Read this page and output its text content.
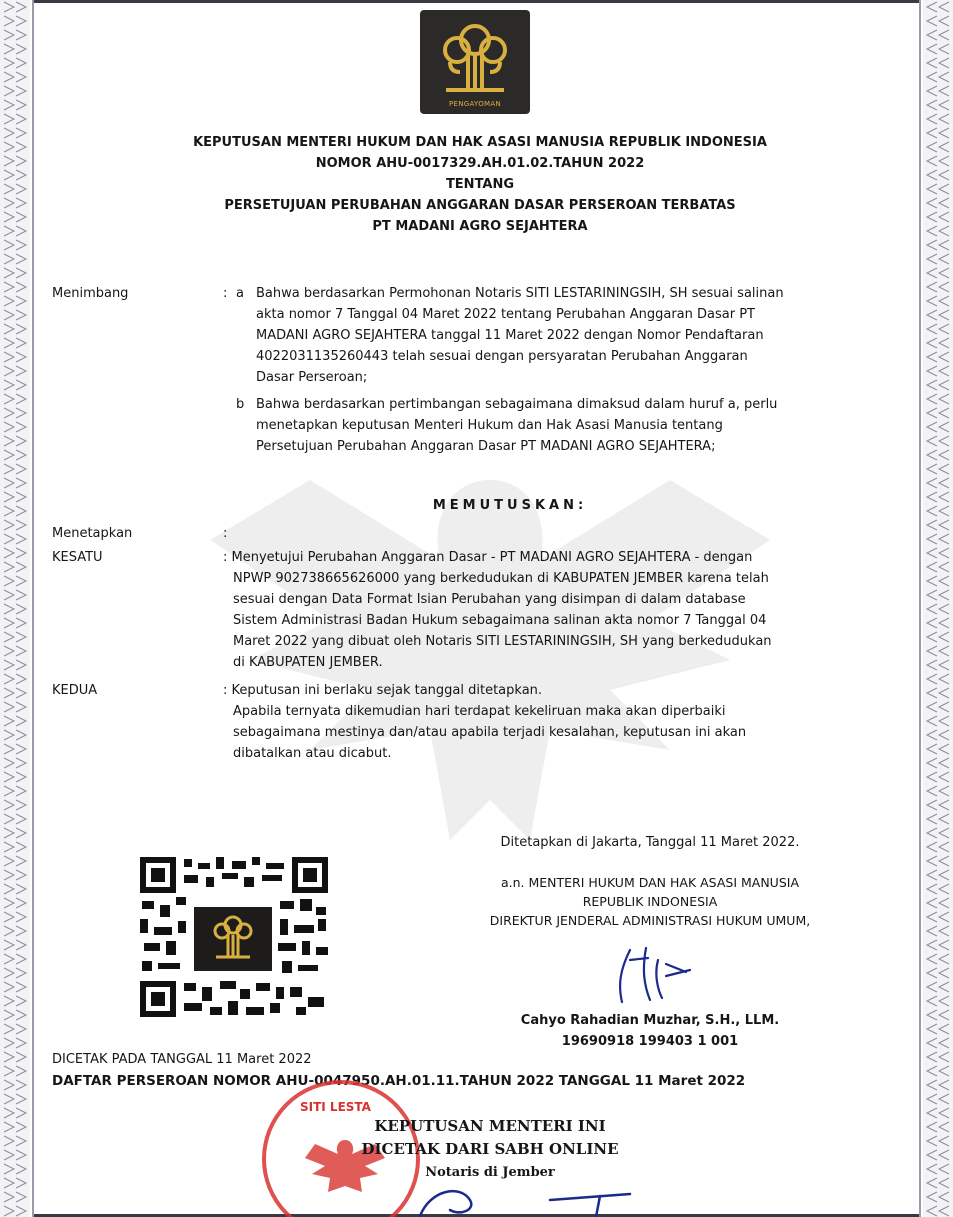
PENGAYOMAN
KEPUTUSAN MENTERI HUKUM DAN HAK ASASI MANUSIA REPUBLIK INDONESIA
NOMOR AHU-0017329.AH.01.02.TAHUN 2022
TENTANG
PERSETUJUAN PERUBAHAN ANGGARAN DASAR PERSEROAN TERBATAS
PT MADANI AGRO SEJAHTERA
Menimbang	: a Bahwa berdasarkan Permohonan Notaris SITI LESTARININGSIH, SH sesuai salinan
akta nomor 7 Tanggal 04 Maret 2022 tentang Perubahan Anggaran Dasar PT
MADANI AGRO SEJAHTERA tanggal 11 Maret 2022 dengan Nomor Pendaftaran
4022031135260443 telah sesuai dengan persyaratan Perubahan Anggaran
Dasar Perseroan;
b Bahwa berdasarkan pertimbangan sebagaimana dimaksud dalam huruf a, perlu
menetapkan keputusan Menteri Hukum dan Hak Asasi Manusia tentang
Persetujuan Perubahan Anggaran Dasar PT MADANI AGRO SEJAHTERA;
MEMUTUSKAN:
Menetapkan	:
KESATU	: Menyetujui Perubahan Anggaran Dasar - PT MADANI AGRO SEJAHTERA - dengan
NPWP 902738665626000 yang berkedudukan di KABUPATEN JEMBER karena telah
sesuai dengan Data Format Isian Perubahan yang disimpan di dalam database
Sistem Administrasi Badan Hukum sebagaimana salinan akta nomor 7 Tanggal 04
Maret 2022 yang dibuat oleh Notaris SITI LESTARININGSIH, SH yang berkedudukan
di KABUPATEN JEMBER.
KEDUA	: Keputusan ini berlaku sejak tanggal ditetapkan.
Apabila ternyata dikemudian hari terdapat kekeliruan maka akan diperbaiki
sebagaimana mestinya dan/atau apabila terjadi kesalahan, keputusan ini akan
dibatalkan atau dicabut.
Ditetapkan di Jakarta, Tanggal 11 Maret 2022.
a.n. MENTERI HUKUM DAN HAK ASASI MANUSIA
REPUBLIK INDONESIA
DIREKTUR JENDERAL ADMINISTRASI HUKUM UMUM,
Cahyo Rahadian Muzhar, S.H., LLM.
19690918 199403 1 001
DICETAK PADA TANGGAL 11 Maret 2022
DAFTAR PERSEROAN NOMOR AHU-0047950.AH.01.11.TAHUN 2022 TANGGAL 11 Maret 2022
SITI LESTA
KEPUTUSAN MENTERI INI
DICETAK DARI SABH ONLINE
Notaris di Jember
